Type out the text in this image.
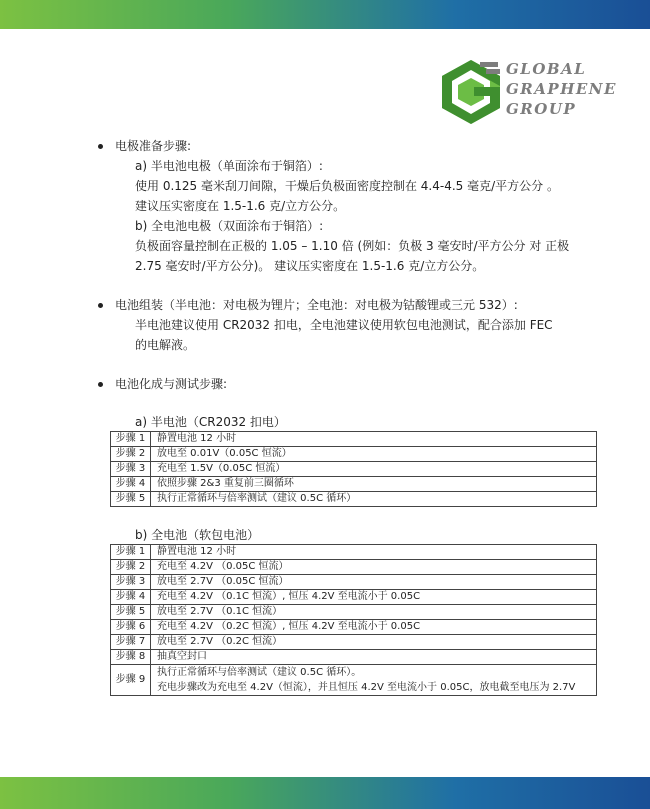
GLOBAL
GRAPHENE
GROUP
电极准备步骤:
a) 半电池电极（单面涂布于铜箔）:
使用 0.125 毫米刮刀间隙，干燥后负极面密度控制在 4.4-4.5 毫克/平方公分 。
建议压实密度在 1.5-1.6 克/立方公分。
b) 全电池电极（双面涂布于铜箔）:
负极面容量控制在正极的 1.05 – 1.10 倍 (例如：负极 3 毫安时/平方公分 对 正极
2.75 毫安时/平方公分)。 建议压实密度在 1.5-1.6 克/立方公分。
电池组装（半电池：对电极为锂片；全电池：对电极为钴酸锂或三元 532）:
半电池建议使用 CR2032 扣电，全电池建议使用软包电池测试，配合添加 FEC
的电解液。
电池化成与测试步骤:
a) 半电池（CR2032 扣电）
步骤 1	静置电池 12 小时
步骤 2	放电至 0.01V（0.05C 恒流）
步骤 3	充电至 1.5V（0.05C 恒流）
步骤 4	依照步骤 2&3 重复前三圈循环
步骤 5	执行正常循环与倍率测试（建议 0.5C 循环）
b) 全电池（软包电池）
步骤 1	静置电池 12 小时
步骤 2	充电至 4.2V （0.05C 恒流）
步骤 3	放电至 2.7V （0.05C 恒流）
步骤 4	充电至 4.2V （0.1C 恒流）, 恒压 4.2V 至电流小于 0.05C
步骤 5	放电至 2.7V （0.1C 恒流）
步骤 6	充电至 4.2V （0.2C 恒流）, 恒压 4.2V 至电流小于 0.05C
步骤 7	放电至 2.7V （0.2C 恒流）
步骤 8	抽真空封口
步骤 9	执行正常循环与倍率测试（建议 0.5C 循环）。
充电步骤改为充电至 4.2V（恒流），并且恒压 4.2V 至电流小于 0.05C，放电截至电压为 2.7V
